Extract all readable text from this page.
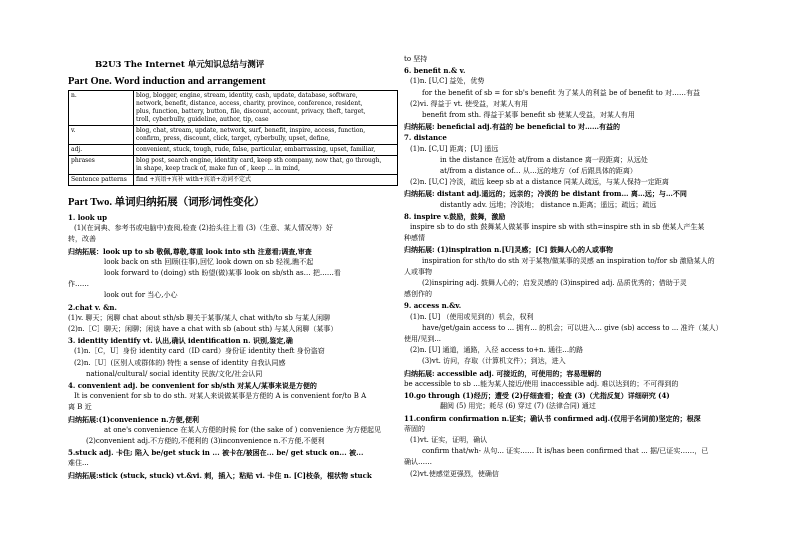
B2U3 The Internet 单元知识总结与测评
Part One. Word induction and arrangement
n.	blog, blogger, engine, stream, identity, cash, update, database, software,
network, benefit, distance, access, charity, province, conference, resident,
plus, function, battery, button, file, discount, account, privacy, theft, target,
troll, cyberbully, guideline, author, tip, case

v.	blog, chat, stream, update, network, surf, benefit, inspire, access, function,
confirm, press, discount, click, target, cyberbully, upset, define,

adj.	convenient, stuck, tough, rude, false, particular, embarrassing, upset, familiar,

phrases	blog post, search engine, identity card, keep sth company, now that, go through,
in shape, keep track of, make fun of , keep ... in mind,

Sentence patterns	find +宾语+宾补 with+宾语+动词不定式
Part Two. 单词归纳拓展（词形/词性变化）
1. look up
(1)(在词典、参考书或电脑中)查阅,检查 (2)抬头往上看 (3)（生意、某人情况等）好
转，改善
归纳拓展：look up to sb 敬佩,尊敬,尊重 look into sth 注意看;调查,审查
look back on sth 回顾(往事),回忆 look down on sb 轻视,瞧不起
look forward to (doing) sth 盼望(做)某事 look on sb/sth as… 把……看
作……
look out for 当心,小心
2.chat v. &n.
(1)v. 聊天；闲聊 chat about sth/sb 聊关于某事/某人 chat with/to sb 与某人闲聊
(2)n.［C］聊天；闲聊；闲谈 have a chat with sb (about sth) 与某人闲聊（某事）
3. identity identify vt. 认出,确认 identification n. 识别,鉴定,确
(1)n.［C，U］身份 identity card（ID card）身份证 identity theft 身份盗窃
(2)n.［U］(区别人或群体的) 特性 a sense of identity 自我认同感
national/cultural/ social identity 民族/文化/社会认同
4. convenient adj. be convenient for sb/sth 对某人/某事来说是方便的
It is convenient for sb to do sth. 对某人来说做某事是方便的 A is convenient for/to B A
离 B 近
归纳拓展:(1)convenience n.方便,便利
at one's convenience 在某人方便的时候 for (the sake of ) convenience 为方便起见
(2)convenient adj.不方便的,不便利的 (3)inconvenience n.不方便,不便利
5.stuck adj. 卡住; 陷入 be/get stuck in ... 被卡在/被困在... be/ get stuck on... 被...
难住...
归纳拓展:stick (stuck, stuck) vt.&vi. 刺，插入；粘贴 vi. 卡住 n. [C]枝条，棍状物 stuck
to 坚持
6. benefit n.& v.
(1)n. [U,C] 益处，优势
for the benefit of sb = for sb's benefit 为了某人的利益 be of benefit to 对……有益
(2)vi. 得益于 vt. 使受益，对某人有用
benefit from sth. 得益于某事 benefit sb 使某人受益，对某人有用
归纳拓展: beneficial adj.有益的 be beneficial to 对……有益的
7. distance
(1)n. [C,U] 距离；[U] 遥远
in the distance 在远处 at/from a distance 离一段距离；从远处
at/from a distance of… 从…远的地方（of 后跟具体的距离）
(2)n. [U,C] 冷淡，疏远 keep sb at a distance 同某人疏远，与某人保持一定距离
归纳拓展: distant adj.遥远的；远亲的；冷淡的 be distant from… 离…远；与…不同
distantly adv. 远地；冷淡地； distance n.距离；遥远；疏远；疏远
8. inspire v.鼓励，鼓舞，激励
inspire sb to do sth 鼓舞某人做某事 inspire sb with sth=inspire sth in sb 使某人产生某
种感情
归纳拓展: (1)inspiration n.[U]灵感；[C] 鼓舞人心的人或事物
inspiration for sth/to do sth 对于某物/做某事的灵感 an inspiration to/for sb 激励某人的
人或事物
(2)inspiring adj. 鼓舞人心的；启发灵感的 (3)inspired adj. 品质优秀的；借助于灵
感创作的
9. access n.&v.
(1)n. [U] （使用或见到的）机会，权利
have/get/gain access to ... 拥有... 的机会；可以进入... give (sb) access to ... 准许（某人）
使用/见到...
(2)n. [U] 通道，通路，入径 access to+n. 通往…的路
(3)vt. 访问，存取（计算机文件）；到达，进入
归纳拓展: accessible adj. 可接近的，可使用的；容易理解的
be accessible to sb …能为某人接近/使用 inaccessible adj. 难以达到的；不可得到的
10.go through (1)经历；遭受 (2)仔细查看；检查 (3)（尤指反复）详细研究 (4)
翻阅 (5) 用完；耗尽 (6) 穿过 (7) (法律合同) 通过
11.confirm confirmation n.证实；确认书 confirmed adj.(仅用于名词前)坚定的；根深
蒂固的
(1)vt. 证实，证明，确认
confirm that/wh- 从句... 证实…… It is/has been confirmed that ... 据/已证实……，已
确认……
(2)vt.使感觉更强烈，使确信
